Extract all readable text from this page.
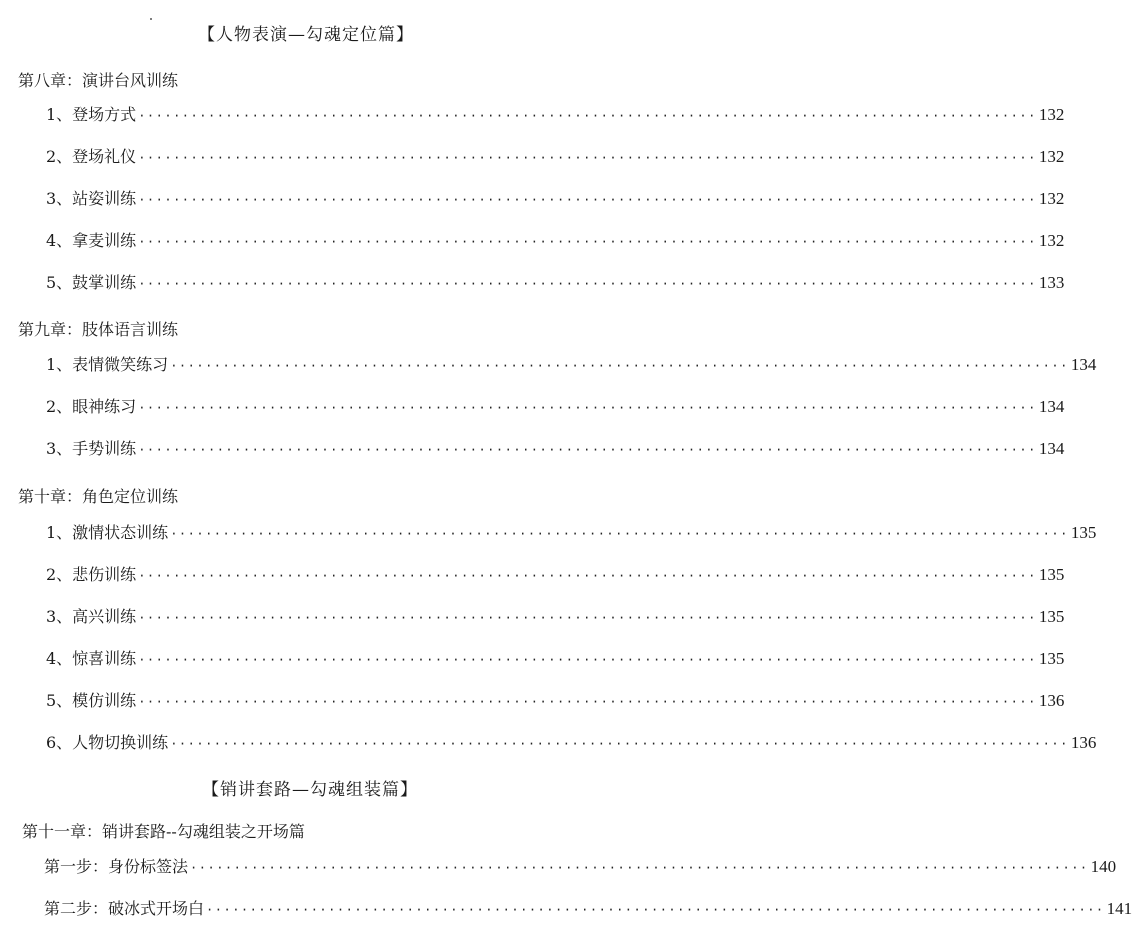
【人物表演—勾魂定位篇】
第八章：演讲台风训练
1、登场方式 ······································································································· 132
2、登场礼仪 ······································································································· 132
3、站姿训练 ······································································································· 132
4、拿麦训练 ······································································································· 132
5、鼓掌训练 ······································································································· 133
第九章：肢体语言训练
1、表情微笑练习 ······································································································· 134
2、眼神练习 ······································································································· 134
3、手势训练 ······································································································· 134
第十章：角色定位训练
1、激情状态训练 ······································································································· 135
2、悲伤训练 ······································································································· 135
3、高兴训练 ······································································································· 135
4、惊喜训练 ······································································································· 135
5、模仿训练 ······································································································· 136
6、人物切换训练 ······································································································· 136
【销讲套路—勾魂组装篇】
第十一章：销讲套路--勾魂组装之开场篇
第一步：身份标签法 ······································································································· 140
第二步：破冰式开场白 ······································································································· 141
